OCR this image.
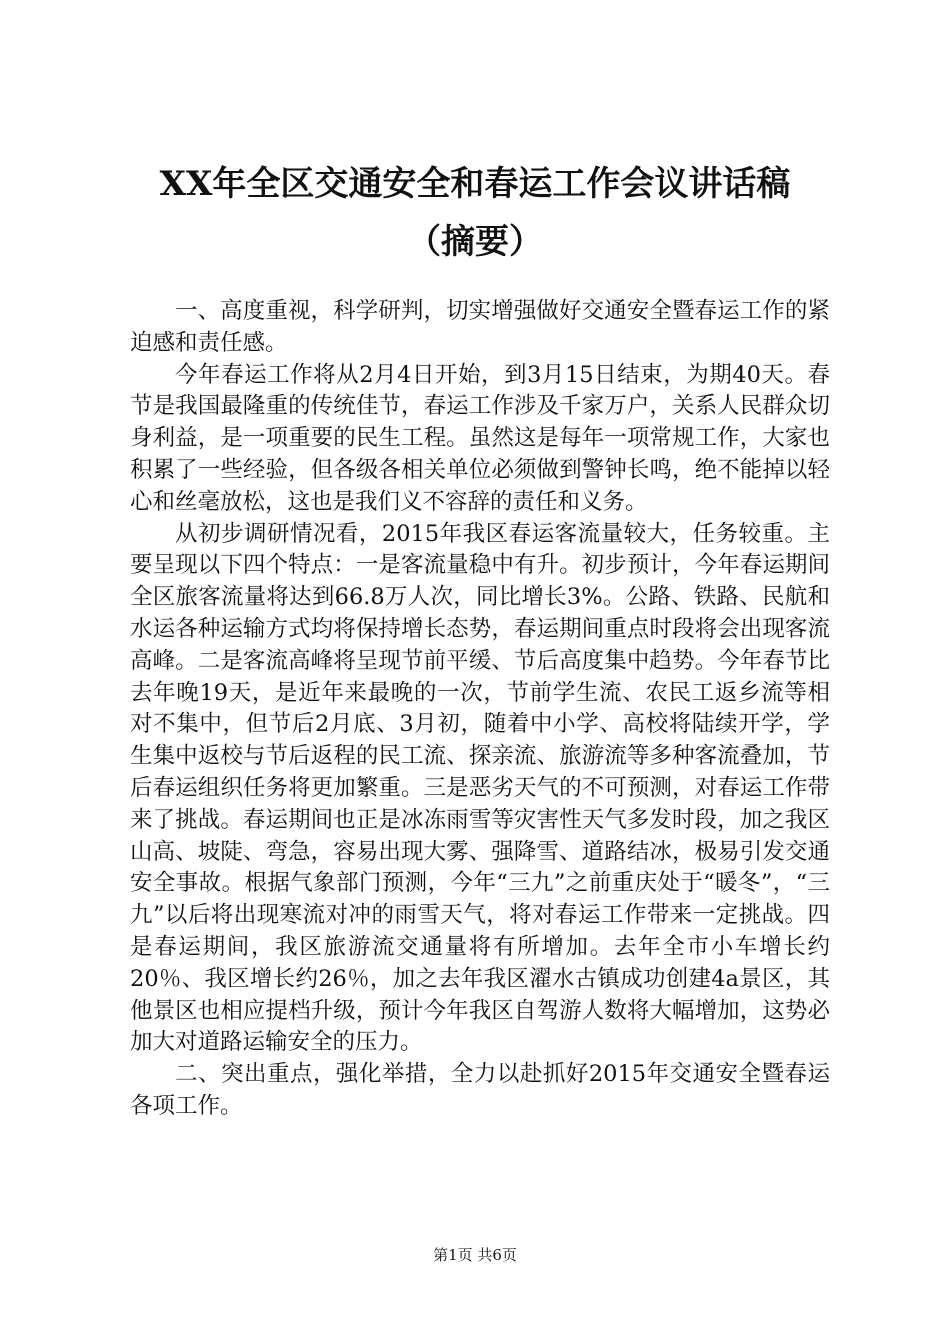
XX年全区交通安全和春运工作会议讲话稿
（摘要）

一、高度重视，科学研判，切实增强做好交通安全暨春运工作的紧迫感和责任感。

今年春运工作将从2月4日开始，到3月15日结束，为期40天。春节是我国最隆重的传统佳节，春运工作涉及千家万户，关系人民群众切身利益，是一项重要的民生工程。虽然这是每年一项常规工作，大家也积累了一些经验，但各级各相关单位必须做到警钟长鸣，绝不能掉以轻心和丝毫放松，这也是我们义不容辞的责任和义务。

从初步调研情况看，2015年我区春运客流量较大，任务较重。主要呈现以下四个特点：一是客流量稳中有升。初步预计，今年春运期间全区旅客流量将达到66.8万人次，同比增长3%。公路、铁路、民航和水运各种运输方式均将保持增长态势，春运期间重点时段将会出现客流高峰。二是客流高峰将呈现节前平缓、节后高度集中趋势。今年春节比去年晚19天，是近年来最晚的一次，节前学生流、农民工返乡流等相对不集中，但节后2月底、3月初，随着中小学、高校将陆续开学，学生集中返校与节后返程的民工流、探亲流、旅游流等多种客流叠加，节后春运组织任务将更加繁重。三是恶劣天气的不可预测，对春运工作带来了挑战。春运期间也正是冰冻雨雪等灾害性天气多发时段，加之我区山高、坡陡、弯急，容易出现大雾、强降雪、道路结冰，极易引发交通安全事故。根据气象部门预测，今年“三九”之前重庆处于“暖冬”，“三九”以后将出现寒流对冲的雨雪天气，将对春运工作带来一定挑战。四是春运期间，我区旅游流交通量将有所增加。去年全市小车增长约20％、我区增长约26％，加之去年我区濯水古镇成功创建4a景区，其他景区也相应提档升级，预计今年我区自驾游人数将大幅增加，这势必加大对道路运输安全的压力。

二、突出重点，强化举措，全力以赴抓好2015年交通安全暨春运各项工作。

第1页 共6页
